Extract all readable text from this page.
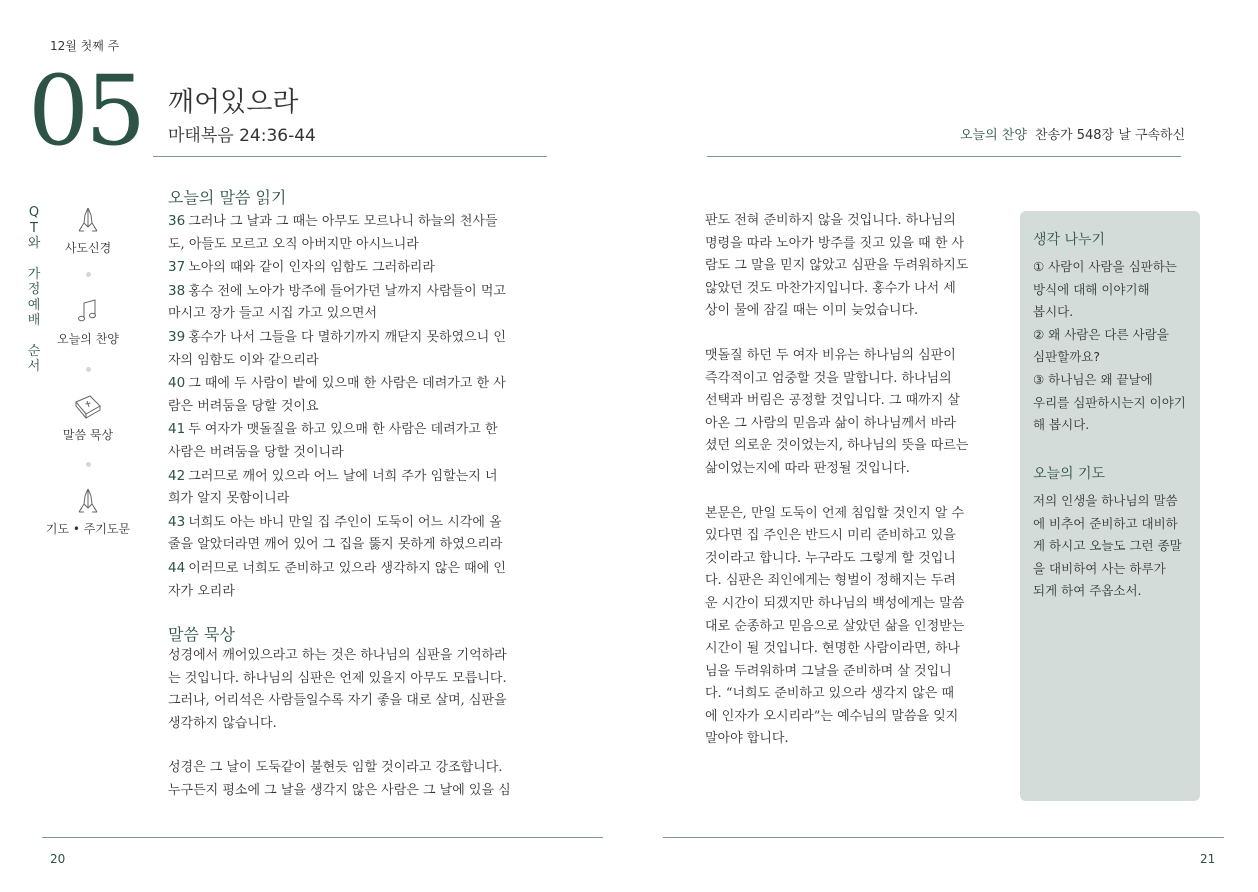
12월 첫째 주
05 깨어있으라
마태복음 24:36-44	오늘의 찬양 찬송가 548장 날 구속하신
Q
T
와
가
정
예
배
순
서
사도신경
오늘의 찬양
말씀 묵상
기도 • 주기도문
오늘의 말씀 읽기
36 그러나 그 날과 그 때는 아무도 모르나니 하늘의 천사들
도, 아들도 모르고 오직 아버지만 아시느니라
37 노아의 때와 같이 인자의 임함도 그러하리라
38 홍수 전에 노아가 방주에 들어가던 날까지 사람들이 먹고
마시고 장가 들고 시집 가고 있으면서
39 홍수가 나서 그들을 다 멸하기까지 깨닫지 못하였으니 인
자의 임함도 이와 같으리라
40 그 때에 두 사람이 밭에 있으매 한 사람은 데려가고 한 사
람은 버려둠을 당할 것이요
41 두 여자가 맷돌질을 하고 있으매 한 사람은 데려가고 한
사람은 버려둠을 당할 것이니라
42 그러므로 깨어 있으라 어느 날에 너희 주가 임할는지 너
희가 알지 못함이니라
43 너희도 아는 바니 만일 집 주인이 도둑이 어느 시각에 올
줄을 알았더라면 깨어 있어 그 집을 뚫지 못하게 하였으리라
44 이러므로 너희도 준비하고 있으라 생각하지 않은 때에 인
자가 오리라
말씀 묵상
성경에서 깨어있으라고 하는 것은 하나님의 심판을 기억하라
는 것입니다. 하나님의 심판은 언제 있을지 아무도 모릅니다.
그러나, 어리석은 사람들일수록 자기 좋을 대로 살며, 심판을
생각하지 않습니다.
성경은 그 날이 도둑같이 불현듯 임할 것이라고 강조합니다.
누구든지 평소에 그 날을 생각지 않은 사람은 그 날에 있을 심
판도 전혀 준비하지 않을 것입니다. 하나님의
명령을 따라 노아가 방주를 짓고 있을 때 한 사
람도 그 말을 믿지 않았고 심판을 두려워하지도
않았던 것도 마찬가지입니다. 홍수가 나서 세
상이 물에 잠길 때는 이미 늦었습니다.
맷돌질 하던 두 여자 비유는 하나님의 심판이
즉각적이고 엄중할 것을 말합니다. 하나님의
선택과 버림은 공정할 것입니다. 그 때까지 살
아온 그 사람의 믿음과 삶이 하나님께서 바라
셨던 의로운 것이었는지, 하나님의 뜻을 따르는
삶이었는지에 따라 판정될 것입니다.
본문은, 만일 도둑이 언제 침입할 것인지 알 수
있다면 집 주인은 반드시 미리 준비하고 있을
것이라고 합니다. 누구라도 그렇게 할 것입니
다. 심판은 죄인에게는 형벌이 정해지는 두려
운 시간이 되겠지만 하나님의 백성에게는 말씀
대로 순종하고 믿음으로 살았던 삶을 인정받는
시간이 될 것입니다. 현명한 사람이라면, 하나
님을 두려워하며 그날을 준비하며 살 것입니
다. “너희도 준비하고 있으라 생각지 않은 때
에 인자가 오시리라”는 예수님의 말씀을 잊지
말아야 합니다.
생각 나누기
① 사람이 사람을 심판하는
방식에 대해 이야기해
봅시다.
② 왜 사람은 다른 사람을
심판할까요?
③ 하나님은 왜 끝날에
우리를 심판하시는지 이야기
해 봅시다.
오늘의 기도
저의 인생을 하나님의 말씀
에 비추어 준비하고 대비하
게 하시고 오늘도 그런 종말
을 대비하여 사는 하루가
되게 하여 주옵소서.
20	21
